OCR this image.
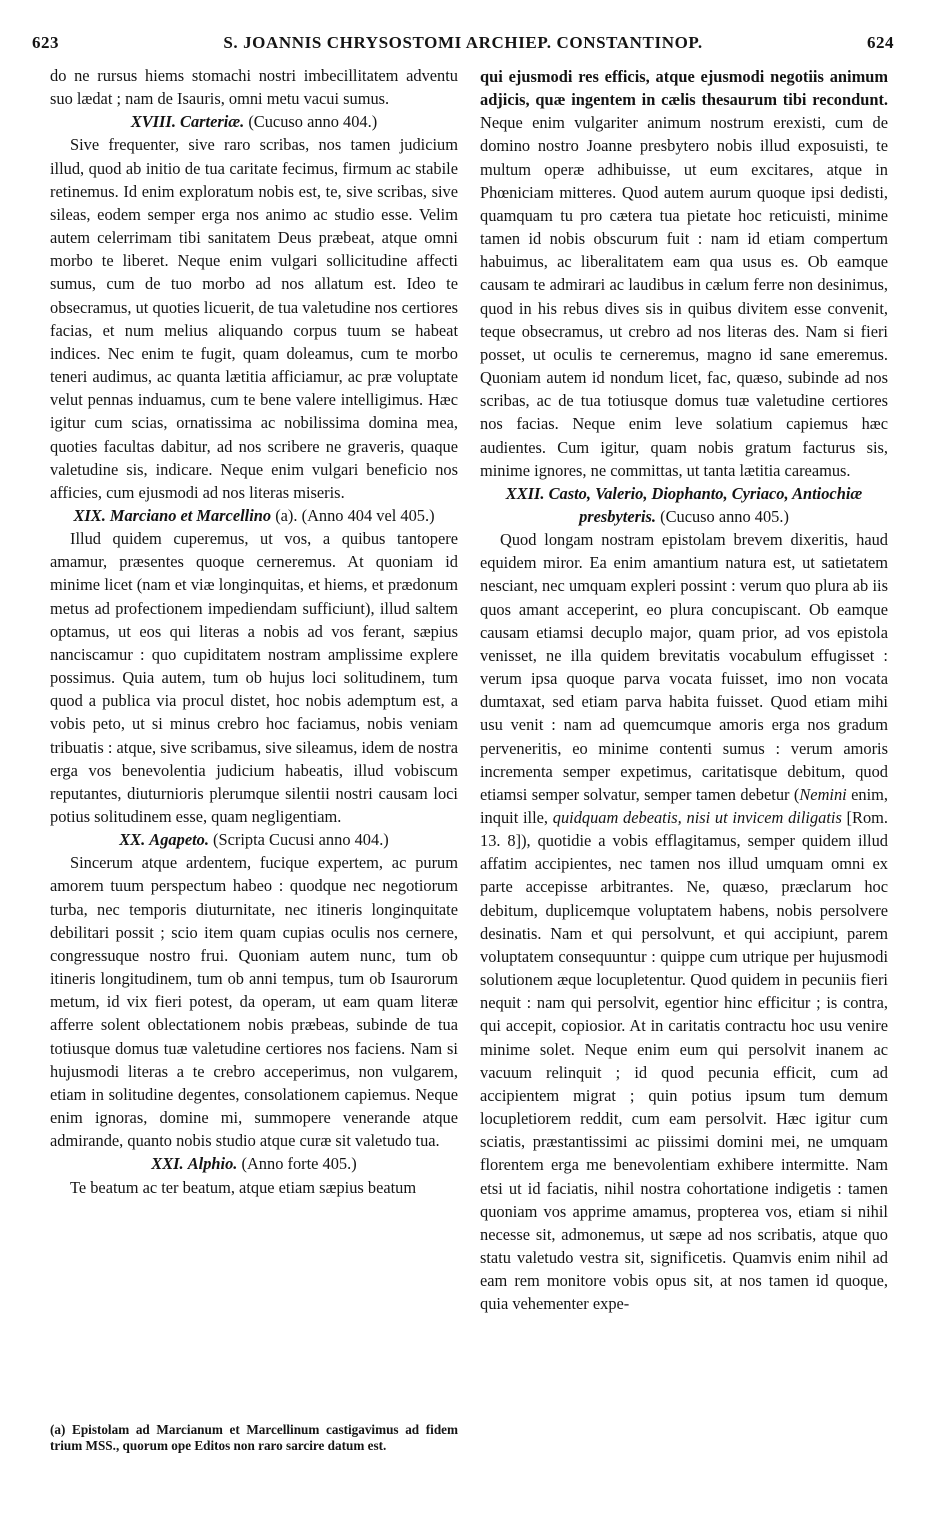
623	S. JOANNIS CHRYSOSTOMI ARCHIEP. CONSTANTINOP.	624

do ne rursus hiems stomachi nostri imbecillitatem adventu suo lædat ; nam de Isauris, omni metu vacui sumus.

XVIII. Carteriæ. (Cucuso anno 404.)

Sive frequenter, sive raro scribas, nos tamen judicium illud, quod ab initio de tua caritate fecimus, firmum ac stabile retinemus. Id enim exploratum nobis est, te, sive scribas, sive sileas, eodem semper erga nos animo ac studio esse. Velim autem celerrimam tibi sanitatem Deus præbeat, atque omni morbo te liberet. Neque enim vulgari sollicitudine affecti sumus, cum de tuo morbo ad nos allatum est. Ideo te obsecramus, ut quoties licuerit, de tua valetudine nos certiores facias, et num melius aliquando corpus tuum se habeat indices. Nec enim te fugit, quam doleamus, cum te morbo teneri audimus, ac quanta lætitia afficiamur, ac præ voluptate velut pennas induamus, cum te bene valere intelligimus. Hæc igitur cum scias, ornatissima ac nobilissima domina mea, quoties facultas dabitur, ad nos scribere ne graveris, quaque valetudine sis, indicare. Neque enim vulgari beneficio nos afficies, cum ejusmodi ad nos literas miseris.

XIX. Marciano et Marcellino (a). (Anno 404 vel 405.)

Illud quidem cuperemus, ut vos, a quibus tantopere amamur, præsentes quoque cerneremus. At quoniam id minime licet (nam et viæ longinquitas, et hiems, et prædonum metus ad profectionem impediendam sufficiunt), illud saltem optamus, ut eos qui literas a nobis ad vos ferant, sæpius nanciscamur : quo cupiditatem nostram amplissime explere possimus. Quia autem, tum ob hujus loci solitudinem, tum quod a publica via procul distet, hoc nobis ademptum est, a vobis peto, ut si minus crebro hoc faciamus, nobis veniam tribuatis : atque, sive scribamus, sive sileamus, idem de nostra erga vos benevolentia judicium habeatis, illud vobiscum reputantes, diuturnioris plerumque silentii nostri causam loci potius solitudinem esse, quam negligentiam.

XX. Agapeto. (Scripta Cucusi anno 404.)

Sincerum atque ardentem, fucique expertem, ac purum amorem tuum perspectum habeo : quodque nec negotiorum turba, nec temporis diuturnitate, nec itineris longinquitate debilitari possit ; scio item quam cupias oculis nos cernere, congressuque nostro frui. Quoniam autem nunc, tum ob itineris longitudinem, tum ob anni tempus, tum ob Isaurorum metum, id vix fieri potest, da operam, ut eam quam literæ afferre solent oblectationem nobis præbeas, subinde de tua totiusque domus tuæ valetudine certiores nos faciens. Nam si hujusmodi literas a te crebro acceperimus, non vulgarem, etiam in solitudine degentes, consolationem capiemus. Neque enim ignoras, domine mi, summopere venerande atque admirande, quanto nobis studio atque curæ sit valetudo tua.

XXI. Alphio. (Anno forte 405.)

Te beatum ac ter beatum, atque etiam sæpius beatum

(a) Epistolam ad Marcianum et Marcellinum castigavimus ad fidem trium MSS., quorum ope Editos non raro sarcire datum est.

qui ejusmodi res efficis, atque ejusmodi negotiis animum adjicis, quæ ingentem in cælis thesaurum tibi recondunt. Neque enim vulgariter animum nostrum erexisti, cum de domino nostro Joanne presbytero nobis illud exposuisti, te multum operæ adhibuisse, ut eum excitares, atque in Phœniciam mitteres. Quod autem aurum quoque ipsi dedisti, quamquam tu pro cætera tua pietate hoc reticuisti, minime tamen id nobis obscurum fuit : nam id etiam compertum habuimus, ac liberalitatem eam qua usus es. Ob eamque causam te admirari ac laudibus in cælum ferre non desinimus, quod in his rebus dives sis in quibus divitem esse convenit, teque obsecramus, ut crebro ad nos literas des. Nam si fieri posset, ut oculis te cerneremus, magno id sane emeremus. Quoniam autem id nondum licet, fac, quæso, subinde ad nos scribas, ac de tua totiusque domus tuæ valetudine certiores nos facias. Neque enim leve solatium capiemus hæc audientes. Cum igitur, quam nobis gratum facturus sis, minime ignores, ne committas, ut tanta lætitia careamus.

XXII. Casto, Valerio, Diophanto, Cyriaco, Antiochiæ presbyteris. (Cucuso anno 405.)

Quod longam nostram epistolam brevem dixeritis, haud equidem miror. Ea enim amantium natura est, ut satietatem nesciant, nec umquam expleri possint : verum quo plura ab iis quos amant acceperint, eo plura concupiscant. Ob eamque causam etiamsi decuplo major, quam prior, ad vos epistola venisset, ne illa quidem brevitatis vocabulum effugisset : verum ipsa quoque parva vocata fuisset, imo non vocata dumtaxat, sed etiam parva habita fuisset. Quod etiam mihi usu venit : nam ad quemcumque amoris erga nos gradum perveneritis, eo minime contenti sumus : verum amoris incrementa semper expetimus, caritatisque debitum, quod etiamsi semper solvatur, semper tamen debetur (Nemini enim, inquit ille, quidquam debeatis, nisi ut invicem diligatis [Rom. 13. 8]), quotidie a vobis efflagitamus, semper quidem illud affatim accipientes, nec tamen nos illud umquam omni ex parte accepisse arbitrantes. Ne, quæso, præclarum hoc debitum, duplicemque voluptatem habens, nobis persolvere desinatis. Nam et qui persolvunt, et qui accipiunt, parem voluptatem consequuntur : quippe cum utrique per hujusmodi solutionem æque locupletentur. Quod quidem in pecuniis fieri nequit : nam qui persolvit, egentior hinc efficitur ; is contra, qui accepit, copiosior. At in caritatis contractu hoc usu venire minime solet. Neque enim eum qui persolvit inanem ac vacuum relinquit ; id quod pecunia efficit, cum ad accipientem migrat ; quin potius ipsum tum demum locupletiorem reddit, cum eam persolvit. Hæc igitur cum sciatis, præstantissimi ac piissimi domini mei, ne umquam florentem erga me benevolentiam exhibere intermitte. Nam etsi ut id faciatis, nihil nostra cohortatione indigetis : tamen quoniam vos apprime amamus, propterea vos, etiam si nihil necesse sit, admonemus, ut sæpe ad nos scribatis, atque quo statu valetudo vestra sit, significetis. Quamvis enim nihil ad eam rem monitore vobis opus sit, at nos tamen id quoque, quia vehementer expe-
